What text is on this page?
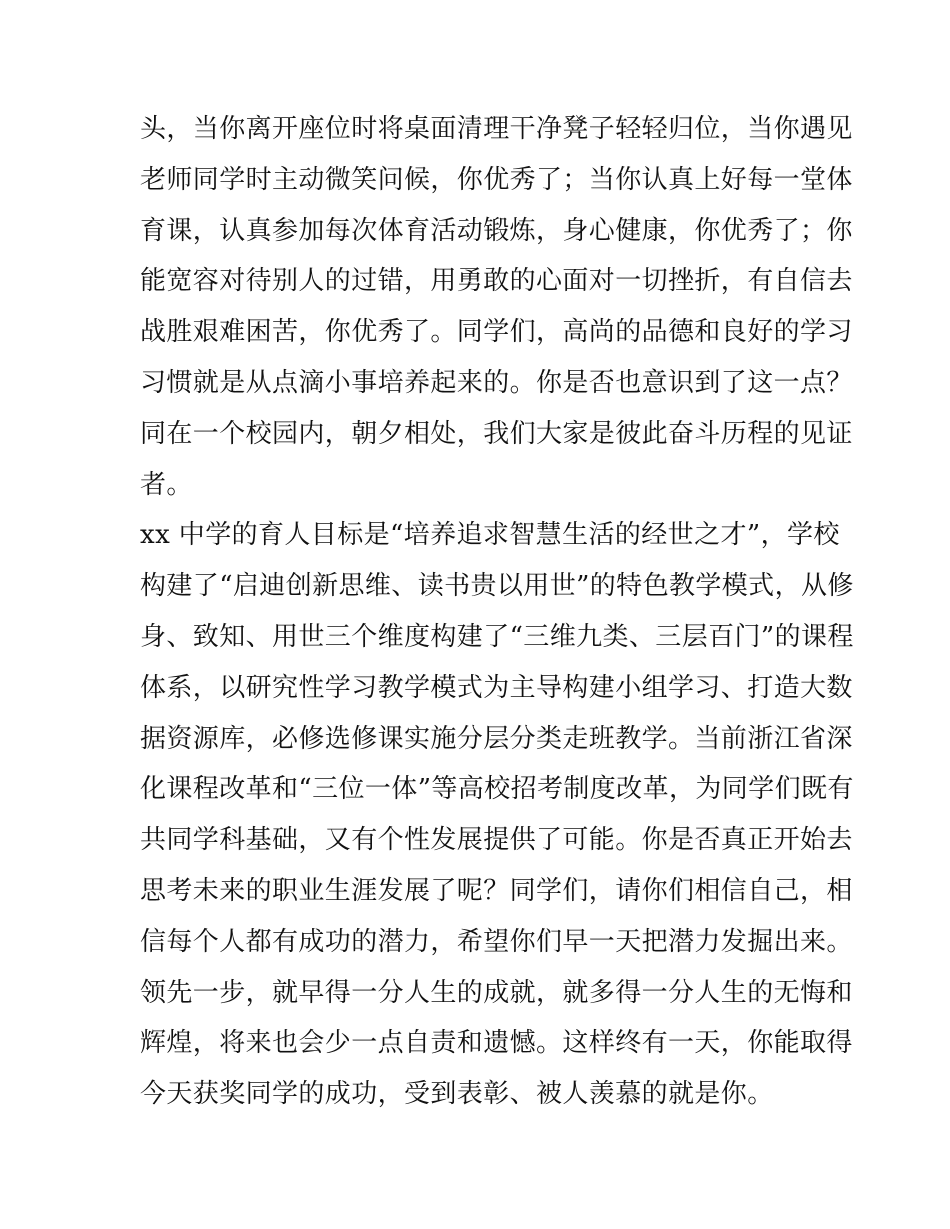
头，当你离开座位时将桌面清理干净凳子轻轻归位，当你遇见
老师同学时主动微笑问候，你优秀了；当你认真上好每一堂体
育课，认真参加每次体育活动锻炼，身心健康，你优秀了；你
能宽容对待别人的过错，用勇敢的心面对一切挫折，有自信去
战胜艰难困苦，你优秀了。同学们，高尚的品德和良好的学习
习惯就是从点滴小事培养起来的。你是否也意识到了这一点？
同在一个校园内，朝夕相处，我们大家是彼此奋斗历程的见证
者。
xx 中学的育人目标是“培养追求智慧生活的经世之才”，学校
构建了“启迪创新思维、读书贵以用世”的特色教学模式，从修
身、致知、用世三个维度构建了“三维九类、三层百门”的课程
体系，以研究性学习教学模式为主导构建小组学习、打造大数
据资源库，必修选修课实施分层分类走班教学。当前浙江省深
化课程改革和“三位一体”等高校招考制度改革，为同学们既有
共同学科基础，又有个性发展提供了可能。你是否真正开始去
思考未来的职业生涯发展了呢？同学们，请你们相信自己，相
信每个人都有成功的潜力，希望你们早一天把潜力发掘出来。
领先一步，就早得一分人生的成就，就多得一分人生的无悔和
辉煌，将来也会少一点自责和遗憾。这样终有一天，你能取得
今天获奖同学的成功，受到表彰、被人羡慕的就是你。
